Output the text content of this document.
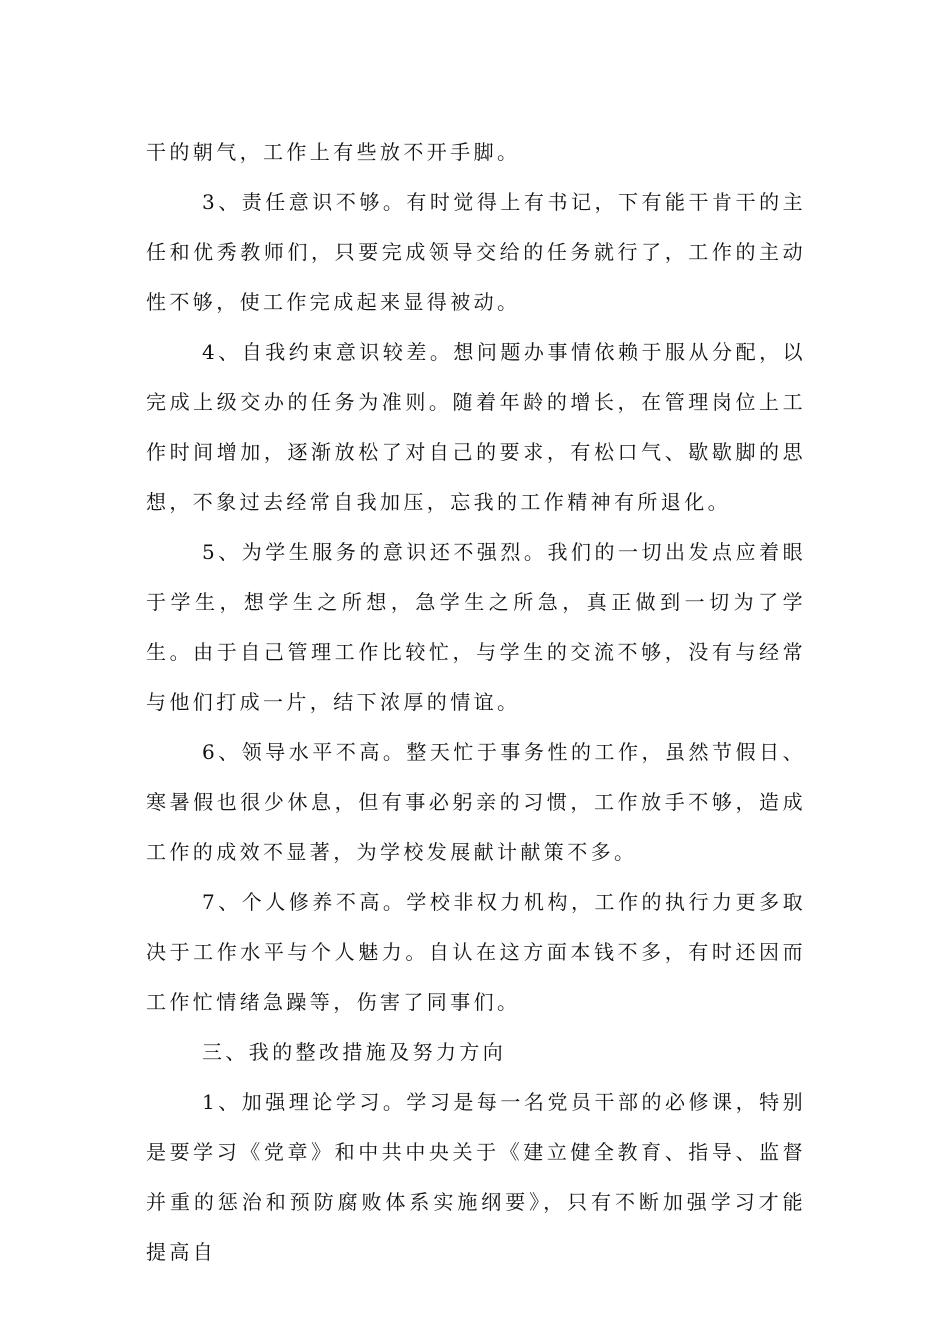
干的朝气，工作上有些放不开手脚。

3、责任意识不够。有时觉得上有书记，下有能干肯干的主任和优秀教师们，只要完成领导交给的任务就行了，工作的主动性不够，使工作完成起来显得被动。

4、自我约束意识较差。想问题办事情依赖于服从分配，以完成上级交办的任务为准则。随着年龄的增长，在管理岗位上工作时间增加，逐渐放松了对自己的要求，有松口气、歇歇脚的思想，不象过去经常自我加压，忘我的工作精神有所退化。

5、为学生服务的意识还不强烈。我们的一切出发点应着眼于学生，想学生之所想，急学生之所急，真正做到一切为了学生。由于自己管理工作比较忙，与学生的交流不够，没有与经常与他们打成一片，结下浓厚的情谊。

6、领导水平不高。整天忙于事务性的工作，虽然节假日、寒暑假也很少休息，但有事必躬亲的习惯，工作放手不够，造成工作的成效不显著，为学校发展献计献策不多。

7、个人修养不高。学校非权力机构，工作的执行力更多取决于工作水平与个人魅力。自认在这方面本钱不多，有时还因而工作忙情绪急躁等，伤害了同事们。

三、我的整改措施及努力方向

1、加强理论学习。学习是每一名党员干部的必修课，特别是要学习《党章》和中共中央关于《建立健全教育、指导、监督并重的惩治和预防腐败体系实施纲要》，只有不断加强学习才能提高自
